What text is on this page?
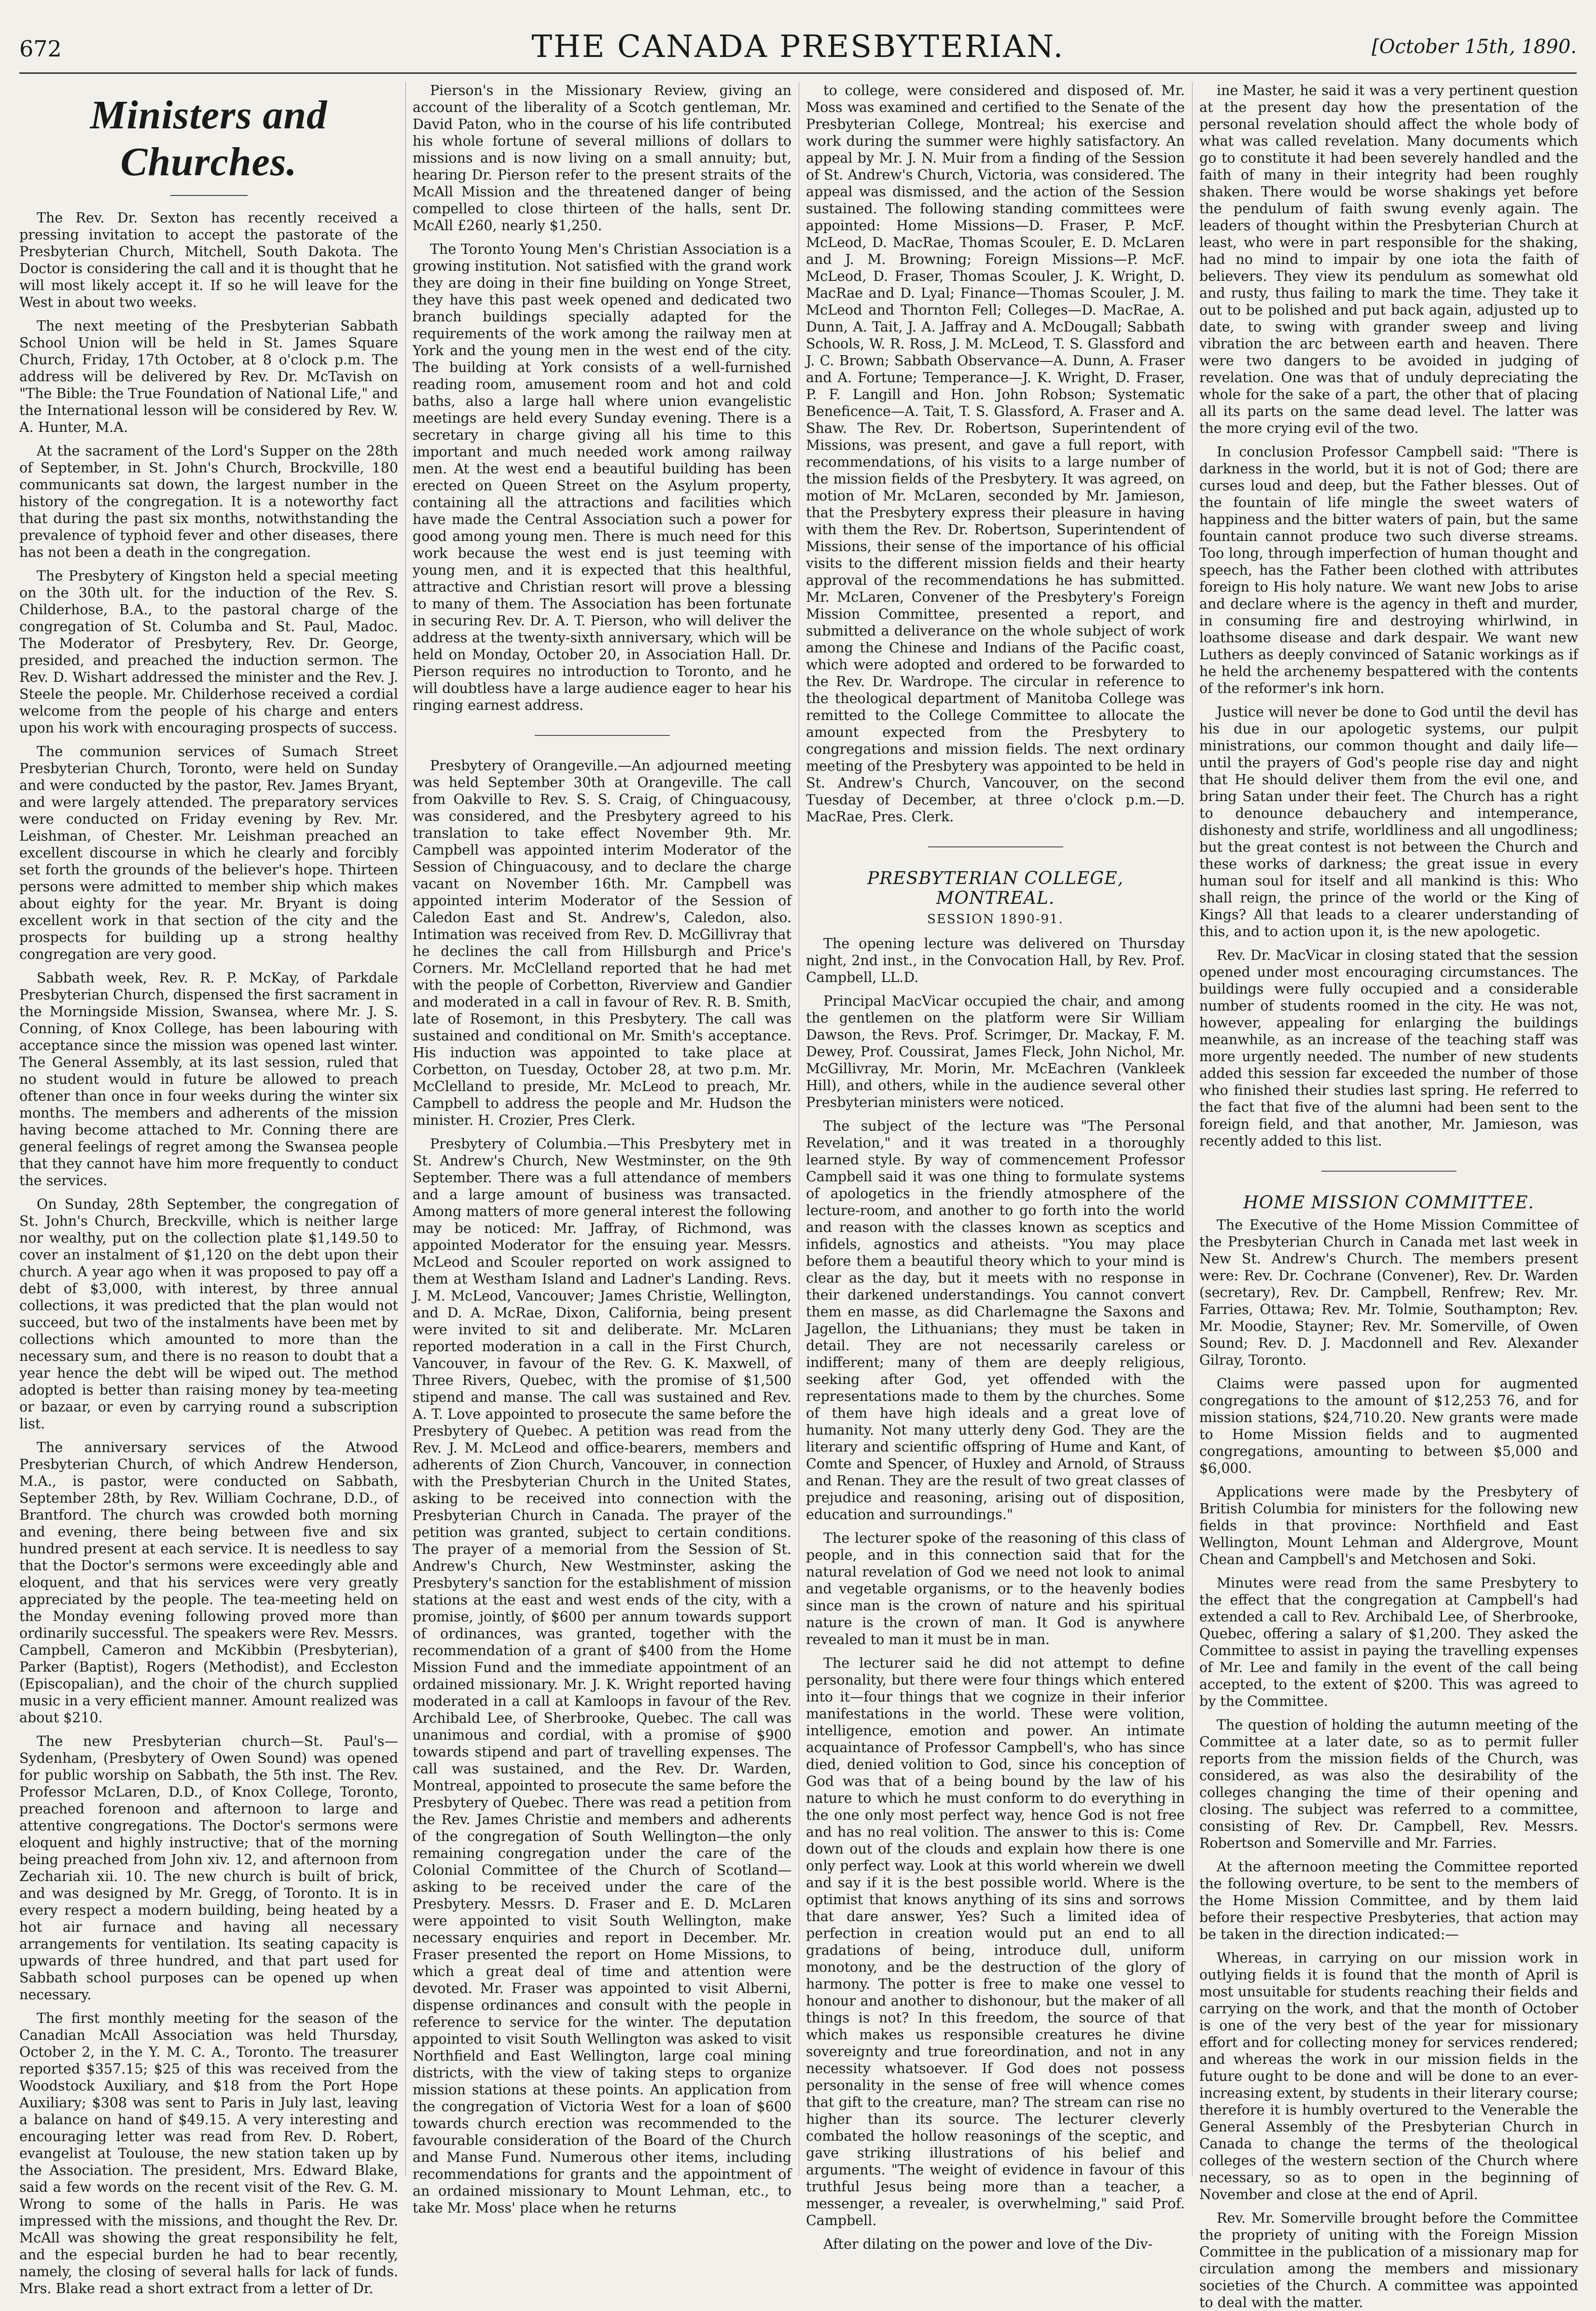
672	THE CANADA PRESBYTERIAN.	[October 15th, 1890.
Ministers and Churches.

The Rev. Dr. Sexton has recently received a pressing invitation to accept the pastorate of the Presbyterian Church, Mitchell, South Dakota. The Doctor is considering the call and it is thought that he will most likely accept it. If so he will leave for the West in about two weeks.

The next meeting of the Presbyterian Sabbath School Union will be held in St. James Square Church, Friday, 17th October, at 8 o'clock p.m. The address will be delivered by Rev. Dr. McTavish on "The Bible: the True Foundation of National Life," and the International lesson will be considered by Rev. W. A. Hunter, M.A.

At the sacrament of the Lord's Supper on the 28th of September, in St. John's Church, Brockville, 180 communicants sat down, the largest number in the history of the congregation. It is a noteworthy fact that during the past six months, notwithstanding the prevalence of typhoid fever and other diseases, there has not been a death in the congregation.

The Presbytery of Kingston held a special meeting on the 30th ult. for the induction of the Rev. S. Childerhose, B.A., to the pastoral charge of the congregation of St. Columba and St. Paul, Madoc. The Moderator of Presbytery, Rev. Dr. George, presided, and preached the induction sermon. The Rev. D. Wishart addressed the minister and the Rev. J. Steele the people. Mr. Childerhose received a cordial welcome from the people of his charge and enters upon his work with encouraging prospects of success.

The communion services of Sumach Street Presbyterian Church, Toronto, were held on Sunday and were conducted by the pastor, Rev. James Bryant, and were largely attended. The preparatory services were conducted on Friday evening by Rev. Mr. Leishman, of Chester. Mr. Leishman preached an excellent discourse in which he clearly and forcibly set forth the grounds of the believer's hope. Thirteen persons were admitted to member ship which makes about eighty for the year. Mr. Bryant is doing excellent work in that section of the city and the prospects for building up a strong healthy congregation are very good.

Sabbath week, Rev. R. P. McKay, of Parkdale Presbyterian Church, dispensed the first sacrament in the Morningside Mission, Swansea, where Mr. J. S. Conning, of Knox College, has been labouring with acceptance since the mission was opened last winter. The General Assembly, at its last session, ruled that no student would in future be allowed to preach oftener than once in four weeks during the winter six months. The members and adherents of the mission having become attached to Mr. Conning there are general feelings of regret among the Swansea people that they cannot have him more frequently to conduct the services.

On Sunday, 28th September, the congregation of St. John's Church, Breckville, which is neither large nor wealthy, put on the collection plate $1,149.50 to cover an instalment of $1,120 on the debt upon their church. A year ago when it was proposed to pay off a debt of $3,000, with interest, by three annual collections, it was predicted that the plan would not succeed, but two of the instalments have been met by collections which amounted to more than the necessary sum, and there is no reason to doubt that a year hence the debt will be wiped out. The method adopted is better than raising money by tea-meeting or bazaar, or even by carrying round a subscription list.

The anniversary services of the Atwood Presbyterian Church, of which Andrew Henderson, M.A., is pastor, were conducted on Sabbath, September 28th, by Rev. William Cochrane, D.D., of Brantford. The church was crowded both morning and evening, there being between five and six hundred present at each service. It is needless to say that the Doctor's sermons were exceedingly able and eloquent, and that his services were very greatly appreciated by the people. The tea-meeting held on the Monday evening following proved more than ordinarily successful. The speakers were Rev. Messrs. Campbell, Cameron and McKibbin (Presbyterian), Parker (Baptist), Rogers (Methodist), and Eccleston (Episcopalian), and the choir of the church supplied music in a very efficient manner. Amount realized was about $210.

The new Presbyterian church—St. Paul's—Sydenham, (Presbytery of Owen Sound) was opened for public worship on Sabbath, the 5th inst. The Rev. Professor McLaren, D.D., of Knox College, Toronto, preached forenoon and afternoon to large and attentive congregations. The Doctor's sermons were eloquent and highly instructive; that of the morning being preached from John xiv. 12, and afternoon from Zechariah xii. 10. The new church is built of brick, and was designed by Mr. Gregg, of Toronto. It is in every respect a modern building, being heated by a hot air furnace and having all necessary arrangements for ventilation. Its seating capacity is upwards of three hundred, and that part used for Sabbath school purposes can be opened up when necessary.

The first monthly meeting for the season of the Canadian McAll Association was held Thursday, October 2, in the Y. M. C. A., Toronto. The treasurer reported $357.15; $25 of this was received from the Woodstock Auxiliary, and $18 from the Port Hope Auxiliary; $308 was sent to Paris in July last, leaving a balance on hand of $49.15. A very interesting and encouraging letter was read from Rev. D. Robert, evangelist at Toulouse, the new station taken up by the Association. The president, Mrs. Edward Blake, said a few words on the recent visit of the Rev. G. M. Wrong to some of the halls in Paris. He was impressed with the missions, and thought the Rev. Dr. McAll was showing the great responsibility he felt, and the especial burden he had to bear recently, namely, the closing of several halls for lack of funds. Mrs. Blake read a short extract from a letter of Dr.

Pierson's in the Missionary Review, giving an account of the liberality of a Scotch gentleman, Mr. David Paton, who in the course of his life contributed his whole fortune of several millions of dollars to missions and is now living on a small annuity; but, hearing Dr. Pierson refer to the present straits of the McAll Mission and the threatened danger of being compelled to close thirteen of the halls, sent Dr. McAll £260, nearly $1,250.

The Toronto Young Men's Christian Association is a growing institution. Not satisfied with the grand work they are doing in their fine building on Yonge Street, they have this past week opened and dedicated two branch buildings specially adapted for the requirements of the work among the railway men at York and the young men in the west end of the city. The building at York consists of a well-furnished reading room, amusement room and hot and cold baths, also a large hall where union evangelistic meetings are held every Sunday evening. There is a secretary in charge giving all his time to this important and much needed work among railway men. At the west end a beautiful building has been erected on Queen Street on the Asylum property, containing all the attractions and facilities which have made the Central Association such a power for good among young men. There is much need for this work because the west end is just teeming with young men, and it is expected that this healthful, attractive and Christian resort will prove a blessing to many of them. The Association has been fortunate in securing Rev. Dr. A. T. Pierson, who will deliver the address at the twenty-sixth anniversary, which will be held on Monday, October 20, in Association Hall. Dr. Pierson requires no introduction to Toronto, and he will doubtless have a large audience eager to hear his ringing earnest address.

Presbytery of Orangeville.—An adjourned meeting was held September 30th at Orangeville. The call from Oakville to Rev. S. S. Craig, of Chinguacousy, was considered, and the Presbytery agreed to his translation to take effect November 9th. Mr. Campbell was appointed interim Moderator of the Session of Chinguacousy, and to declare the charge vacant on November 16th. Mr. Campbell was appointed interim Moderator of the Session of Caledon East and St. Andrew's, Caledon, also. Intimation was received from Rev. D. McGillivray that he declines the call from Hillsburgh and Price's Corners. Mr. McClelland reported that he had met with the people of Corbetton, Riverview and Gandier and moderated in a call in favour of Rev. R. B. Smith, late of Rosemont, in this Presbytery. The call was sustained and conditional on Mr. Smith's acceptance. His induction was appointed to take place at Corbetton, on Tuesday, October 28, at two p.m. Mr. McClelland to preside, Mr. McLeod to preach, Mr. Campbell to address the people and Mr. Hudson the minister. H. Crozier, Pres Clerk.

Presbytery of Columbia.—This Presbytery met in St. Andrew's Church, New Westminster, on the 9th September. There was a full attendance of members and a large amount of business was transacted. Among matters of more general interest the following may be noticed: Mr. Jaffray, of Richmond, was appointed Moderator for the ensuing year. Messrs. McLeod and Scouler reported on work assigned to them at Westham Island and Ladner's Landing. Revs. J. M. McLeod, Vancouver; James Christie, Wellington, and D. A. McRae, Dixon, California, being present were invited to sit and deliberate. Mr. McLaren reported moderation in a call in the First Church, Vancouver, in favour of the Rev. G. K. Maxwell, of Three Rivers, Quebec, with the promise of $1,500 stipend and manse. The call was sustained and Rev. A. T. Love appointed to prosecute the same before the Presbytery of Quebec. A petition was read from the Rev. J. M. McLeod and office-bearers, members and adherents of Zion Church, Vancouver, in connection with the Presbyterian Church in the United States, asking to be received into connection with the Presbyterian Church in Canada. The prayer of the petition was granted, subject to certain conditions. The prayer of a memorial from the Session of St. Andrew's Church, New Westminster, asking the Presbytery's sanction for the establishment of mission stations at the east and west ends of the city, with a promise, jointly, of $600 per annum towards support of ordinances, was granted, together with the recommendation of a grant of $400 from the Home Mission Fund and the immediate appointment of an ordained missionary. Mr. J. K. Wright reported having moderated in a call at Kamloops in favour of the Rev. Archibald Lee, of Sherbrooke, Quebec. The call was unanimous and cordial, with a promise of $900 towards stipend and part of travelling expenses. The call was sustained, and the Rev. Dr. Warden, Montreal, appointed to prosecute the same before the Presbytery of Quebec. There was read a petition from the Rev. James Christie and members and adherents of the congregation of South Wellington—the only remaining congregation under the care of the Colonial Committee of the Church of Scotland—asking to be received under the care of the Presbytery. Messrs. D. Fraser and E. D. McLaren were appointed to visit South Wellington, make necessary enquiries and report in December. Mr. Fraser presented the report on Home Missions, to which a great deal of time and attention were devoted. Mr. Fraser was appointed to visit Alberni, dispense ordinances and consult with the people in reference to service for the winter. The deputation appointed to visit South Wellington was asked to visit Northfield and East Wellington, large coal mining districts, with the view of taking steps to organize mission stations at these points. An application from the congregation of Victoria West for a loan of $600 towards church erection was recommended to the favourable consideration of the Board of the Church and Manse Fund. Numerous other items, including recommendations for grants and the appointment of an ordained missionary to Mount Lehman, etc., to take Mr. Moss' place when he returns

to college, were considered and disposed of. Mr. Moss was examined and certified to the Senate of the Presbyterian College, Montreal; his exercise and work during the summer were highly satisfactory. An appeal by Mr. J. N. Muir from a finding of the Session of St. Andrew's Church, Victoria, was considered. The appeal was dismissed, and the action of the Session sustained. The following standing committees were appointed: Home Missions—D. Fraser, P. McF. McLeod, D. MacRae, Thomas Scouler, E. D. McLaren and J. M. Browning; Foreign Missions—P. McF. McLeod, D. Fraser, Thomas Scouler, J. K. Wright, D. MacRae and D. Lyal; Finance—Thomas Scouler, J. M. McLeod and Thornton Fell; Colleges—D. MacRae, A. Dunn, A. Tait, J. A. Jaffray and A. McDougall; Sabbath Schools, W. R. Ross, J. M. McLeod, T. S. Glassford and J. C. Brown; Sabbath Observance—A. Dunn, A. Fraser and A. Fortune; Temperance—J. K. Wright, D. Fraser, P. F. Langill and Hon. John Robson; Systematic Beneficence—A. Tait, T. S. Glassford, A. Fraser and A. Shaw. The Rev. Dr. Robertson, Superintendent of Missions, was present, and gave a full report, with recommendations, of his visits to a large number of the mission fields of the Presbytery. It was agreed, on motion of Mr. McLaren, seconded by Mr. Jamieson, that the Presbytery express their pleasure in having with them the Rev. Dr. Robertson, Superintendent of Missions, their sense of the importance of his official visits to the different mission fields and their hearty approval of the recommendations he has submitted. Mr. McLaren, Convener of the Presbytery's Foreign Mission Committee, presented a report, and submitted a deliverance on the whole subject of work among the Chinese and Indians of the Pacific coast, which were adopted and ordered to be forwarded to the Rev. Dr. Wardrope. The circular in reference to the theological department of Manitoba College was remitted to the College Committee to allocate the amount expected from the Presbytery to congregations and mission fields. The next ordinary meeting of the Presbytery was appointed to be held in St. Andrew's Church, Vancouver, on the second Tuesday of December, at three o'clock p.m.—D. MacRae, Pres. Clerk.

PRESBYTERIAN COLLEGE, MONTREAL.
SESSION 1890-91.

The opening lecture was delivered on Thursday night, 2nd inst., in the Convocation Hall, by Rev. Prof. Campbell, LL.D.

Principal MacVicar occupied the chair, and among the gentlemen on the platform were Sir William Dawson, the Revs. Prof. Scrimger, Dr. Mackay, F. M. Dewey, Prof. Coussirat, James Fleck, John Nichol, Mr. McGillivray, Mr. Morin, Mr. McEachren (Vankleek Hill), and others, while in the audience several other Presbyterian ministers were noticed.

The subject of the lecture was "The Personal Revelation," and it was treated in a thoroughly learned style. By way of commencement Professor Campbell said it was one thing to formulate systems of apologetics in the friendly atmosphere of the lecture-room, and another to go forth into the world and reason with the classes known as sceptics and infidels, agnostics and atheists. "You may place before them a beautiful theory which to your mind is clear as the day, but it meets with no response in their darkened understandings. You cannot convert them en masse, as did Charlemagne the Saxons and Jagellon, the Lithuanians; they must be taken in detail. They are not necessarily careless or indifferent; many of them are deeply religious, seeking after God, yet offended with the representations made to them by the churches. Some of them have high ideals and a great love of humanity. Not many utterly deny God. They are the literary and scientific offspring of Hume and Kant, of Comte and Spencer, of Huxley and Arnold, of Strauss and Renan. They are the result of two great classes of prejudice and reasoning, arising out of disposition, education and surroundings."

The lecturer spoke of the reasoning of this class of people, and in this connection said that for the natural revelation of God we need not look to animal and vegetable organisms, or to the heavenly bodies since man is the crown of nature and his spiritual nature is the crown of man. It God is anywhere revealed to man it must be in man.

The lecturer said he did not attempt to define personality, but there were four things which entered into it—four things that we cognize in their inferior manifestations in the world. These were volition, intelligence, emotion and power. An intimate acquaintance of Professor Campbell's, who has since died, denied volition to God, since his conception of God was that of a being bound by the law of his nature to which he must conform to do everything in the one only most perfect way, hence God is not free and has no real volition. The answer to this is: Come down out of the clouds and explain how there is one only perfect way. Look at this world wherein we dwell and say if it is the best possible world. Where is the optimist that knows anything of its sins and sorrows that dare answer, Yes? Such a limited idea of perfection in creation would put an end to all gradations of being, introduce dull, uniform monotony, and be the destruction of the glory of harmony. The potter is free to make one vessel to honour and another to dishonour, but the maker of all things is not? In this freedom, the source of that which makes us responsible creatures he divine sovereignty and true foreordination, and not in any necessity whatsoever. If God does not possess personality in the sense of free will whence comes that gift to the creature, man? The stream can rise no higher than its source. The lecturer cleverly combated the hollow reasonings of the sceptic, and gave striking illustrations of his belief and arguments. "The weight of evidence in favour of this truthful Jesus being more than a teacher, a messenger, a revealer, is overwhelming," said Prof. Campbell.

After dilating on the power and love of the Div-

ine Master, he said it was a very pertinent question at the present day how the presentation of the personal revelation should affect the whole body of what was called revelation. Many documents which go to constitute it had been severely handled and the faith of many in their integrity had been roughly shaken. There would be worse shakings yet before the pendulum of faith swung evenly again. The leaders of thought within the Presbyterian Church at least, who were in part responsible for the shaking, had no mind to impair by one iota the faith of believers. They view its pendulum as somewhat old and rusty, thus failing to mark the time. They take it out to be polished and put back again, adjusted up to date, to swing with grander sweep and living vibration the arc between earth and heaven. There were two dangers to be avoided in judging of revelation. One was that of unduly depreciating the whole for the sake of a part, the other that of placing all its parts on the same dead level. The latter was the more crying evil of the two.

In conclusion Professor Campbell said: "There is darkness in the world, but it is not of God; there are curses loud and deep, but the Father blesses. Out of the fountain of life mingle the sweet waters of happiness and the bitter waters of pain, but the same fountain cannot produce two such diverse streams. Too long, through imperfection of human thought and speech, has the Father been clothed with attributes foreign to His holy nature. We want new Jobs to arise and declare where is the agency in theft and murder, in consuming fire and destroying whirlwind, in loathsome disease and dark despair. We want new Luthers as deeply convinced of Satanic workings as if he held the archenemy bespattered with the contents of the reformer's ink horn.

Justice will never be done to God until the devil has his due in our apologetic systems, our pulpit ministrations, our common thought and daily life—until the prayers of God's people rise day and night that He should deliver them from the evil one, and bring Satan under their feet. The Church has a right to denounce debauchery and intemperance, dishonesty and strife, worldliness and all ungodliness; but the great contest is not between the Church and these works of darkness; the great issue in every human soul for itself and all mankind is this: Who shall reign, the prince of the world or the King of Kings? All that leads to a clearer understanding of this, and to action upon it, is the new apologetic.

Rev. Dr. MacVicar in closing stated that the session opened under most encouraging circumstances. The buildings were fully occupied and a considerable number of students roomed in the city. He was not, however, appealing for enlarging the buildings meanwhile, as an increase of the teaching staff was more urgently needed. The number of new students added this session far exceeded the number of those who finished their studies last spring. He referred to the fact that five of the alumni had been sent to the foreign field, and that another, Mr. Jamieson, was recently added to this list.

HOME MISSION COMMITTEE.

The Executive of the Home Mission Committee of the Presbyterian Church in Canada met last week in New St. Andrew's Church. The members present were: Rev. Dr. Cochrane (Convener), Rev. Dr. Warden (secretary), Rev. Dr. Campbell, Renfrew; Rev. Mr. Farries, Ottawa; Rev. Mr. Tolmie, Southampton; Rev. Mr. Moodie, Stayner; Rev. Mr. Somerville, of Owen Sound; Rev. D. J. Macdonnell and Rev. Alexander Gilray, Toronto.

Claims were passed upon for augmented congregations to the amount of $12,253 76, and for mission stations, $24,710.20. New grants were made to Home Mission fields and to augmented congregations, amounting to between $5,000 and $6,000.

Applications were made by the Presbytery of British Columbia for ministers for the following new fields in that province: Northfield and East Wellington, Mount Lehman and Aldergrove, Mount Chean and Campbell's and Metchosen and Soki.

Minutes were read from the same Presbytery to the effect that the congregation at Campbell's had extended a call to Rev. Archibald Lee, of Sherbrooke, Quebec, offering a salary of $1,200. They asked the Committee to assist in paying the travelling expenses of Mr. Lee and family in the event of the call being accepted, to the extent of $200. This was agreed to by the Committee.

The question of holding the autumn meeting of the Committee at a later date, so as to permit fuller reports from the mission fields of the Church, was considered, as was also the desirability of the colleges changing the time of their opening and closing. The subject was referred to a committee, consisting of Rev. Dr. Campbell, Rev. Messrs. Robertson and Somerville and Mr. Farries.

At the afternoon meeting the Committee reported the following overture, to be sent to the members of the Home Mission Committee, and by them laid before their respective Presbyteries, that action may be taken in the direction indicated:—

Whereas, in carrying on our mission work in outlying fields it is found that the month of April is most unsuitable for students reaching their fields and carrying on the work, and that the month of October is one of the very best of the year for missionary effort and for collecting money for services rendered; and whereas the work in our mission fields in the future ought to be done and will be done to an ever-increasing extent, by students in their literary course; therefore it is humbly overtured to the Venerable the General Assembly of the Presbyterian Church in Canada to change the terms of the theological colleges of the western section of the Church where necessary, so as to open in the beginning of November and close at the end of April.

Rev. Mr. Somerville brought before the Committee the propriety of uniting with the Foreign Mission Committee in the publication of a missionary map for circulation among the members and missionary societies of the Church. A committee was appointed to deal with the matter.
